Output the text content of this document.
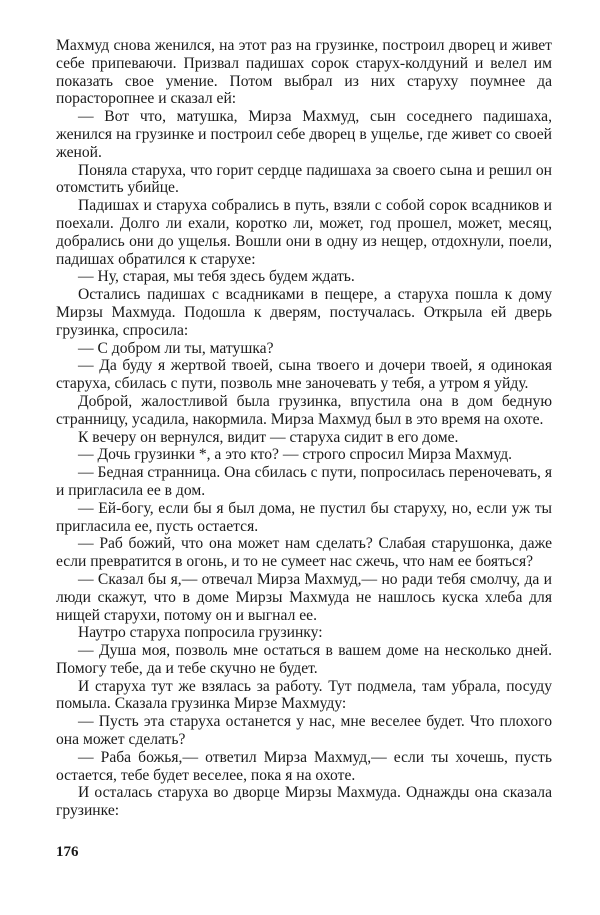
Махмуд снова женился, на этот раз на грузинке, построил дворец и живет себе припеваючи. Призвал падишах сорок старух-колдуний и велел им показать свое умение. Потом выбрал из них старуху поумнее да порасторопнее и сказал ей:

— Вот что, матушка, Мирза Махмуд, сын соседнего падишаха, женился на грузинке и построил себе дворец в ущелье, где живет со своей женой.

Поняла старуха, что горит сердце падишаха за своего сына и решил он отомстить убийце.

Падишах и старуха собрались в путь, взяли с собой сорок всадников и поехали. Долго ли ехали, коротко ли, может, год прошел, может, месяц, добрались они до ущелья. Вошли они в одну из нещер, отдохнули, поели, падишах обратился к старухе:

— Ну, старая, мы тебя здесь будем ждать.

Остались падишах с всадниками в пещере, а старуха пошла к дому Мирзы Махмуда. Подошла к дверям, постучалась. Открыла ей дверь грузинка, спросила:

— С добром ли ты, матушка?

— Да буду я жертвой твоей, сына твоего и дочери твоей, я одинокая старуха, сбилась с пути, позволь мне заночевать у тебя, а утром я уйду.

Доброй, жалостливой была грузинка, впустила она в дом бедную странницу, усадила, накормила. Мирза Махмуд был в это время на охоте.

К вечеру он вернулся, видит — старуха сидит в его доме.

— Дочь грузинки *, а это кто? — строго спросил Мирза Махмуд.

— Бедная странница. Она сбилась с пути, попросилась переночевать, я и пригласила ее в дом.

— Ей-богу, если бы я был дома, не пустил бы старуху, но, если уж ты пригласила ее, пусть остается.

— Раб божий, что она может нам сделать? Слабая старушонка, даже если превратится в огонь, и то не сумеет нас сжечь, что нам ее бояться?

— Сказал бы я,— отвечал Мирза Махмуд,— но ради тебя смолчу, да и люди скажут, что в доме Мирзы Махмуда не нашлось куска хлеба для нищей старухи, потому он и выгнал ее.

Наутро старуха попросила грузинку:

— Душа моя, позволь мне остаться в вашем доме на несколько дней. Помогу тебе, да и тебе скучно не будет.

И старуха тут же взялась за работу. Тут подмела, там убрала, посуду помыла. Сказала грузинка Мирзе Махмуду:

— Пусть эта старуха останется у нас, мне веселее будет. Что плохого она может сделать?

— Раба божья,— ответил Мирза Махмуд,— если ты хочешь, пусть остается, тебе будет веселее, пока я на охоте.

И осталась старуха во дворце Мирзы Махмуда. Однажды она сказала грузинке:

176
